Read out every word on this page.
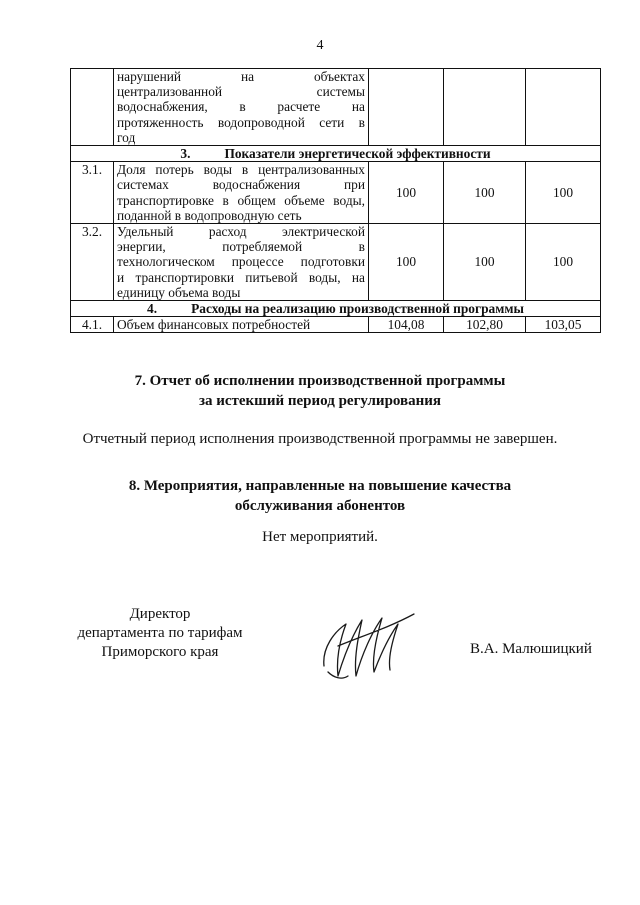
4
	нарушений на объектах
централизованной системы
водоснабжения, в расчете на
протяженность водопроводной сети в
год			

3. Показатели энергетической эффективности				
3.1.	Доля потерь воды в централизованных
системах водоснабжения при
транспортировке в общем объеме воды,
поданной в водопроводную сеть	100	100	100
3.2.	Удельный расход электрической
энергии, потребляемой в
технологическом процессе подготовки
и транспортировки питьевой воды, на
единицу объема воды	100	100	100
4. Расходы на реализацию производственной программы				
4.1.	Объем финансовых потребностей	104,08	102,80	103,05
7. Отчет об исполнении производственной программы
за истекший период регулирования
Отчетный период исполнения производственной программы не завершен.
8. Мероприятия, направленные на повышение качества
обслуживания абонентов
Нет мероприятий.
Директор
департамента по тарифам
Приморского края	В.А. Малюшицкий
